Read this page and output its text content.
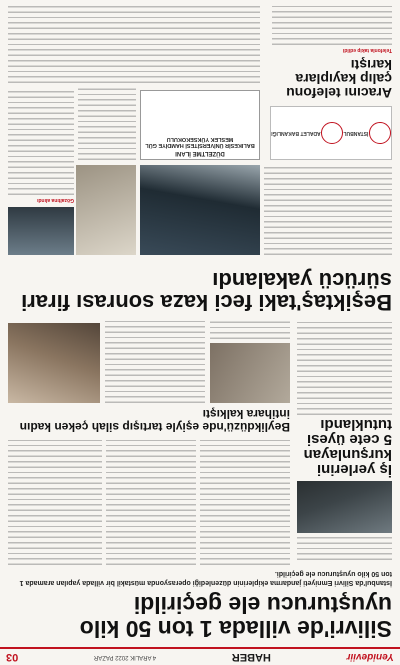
Yenideviir
HABER
4 ARALIK 2022 PAZAR
03
Silivri'de villada 1 ton 50 kilo uyuşturucu ele geçirildi
İstanbul'da Silivri Emniyeti jandarma ekiplerinin düzenlediği operasyonda müstakil bir villada yapılan aramada 1 ton 50 kilo uyuşturucu ele geçirildi.
İş yerlerini kurşunlayan 5 cete üyesi tutuklandı
Beylikdüzü'nde eşiyle tartışıp silah çeken kadın intihara kalkıştı
Beşiktaş'taki feci kaza sonrası firari sürücü yakalandı
Gözaltına alındı
DÜZELTME İLANI
BALIKESİR ÜNİVERSİTESİ HAMDİYE GÜL MESLEK YÜKSEKOKULU
İSTANBUL
ADALET BAKANLIĞI
Aracını telefonu çalıp kayıplara karıştı
Telefonla takip edildi
